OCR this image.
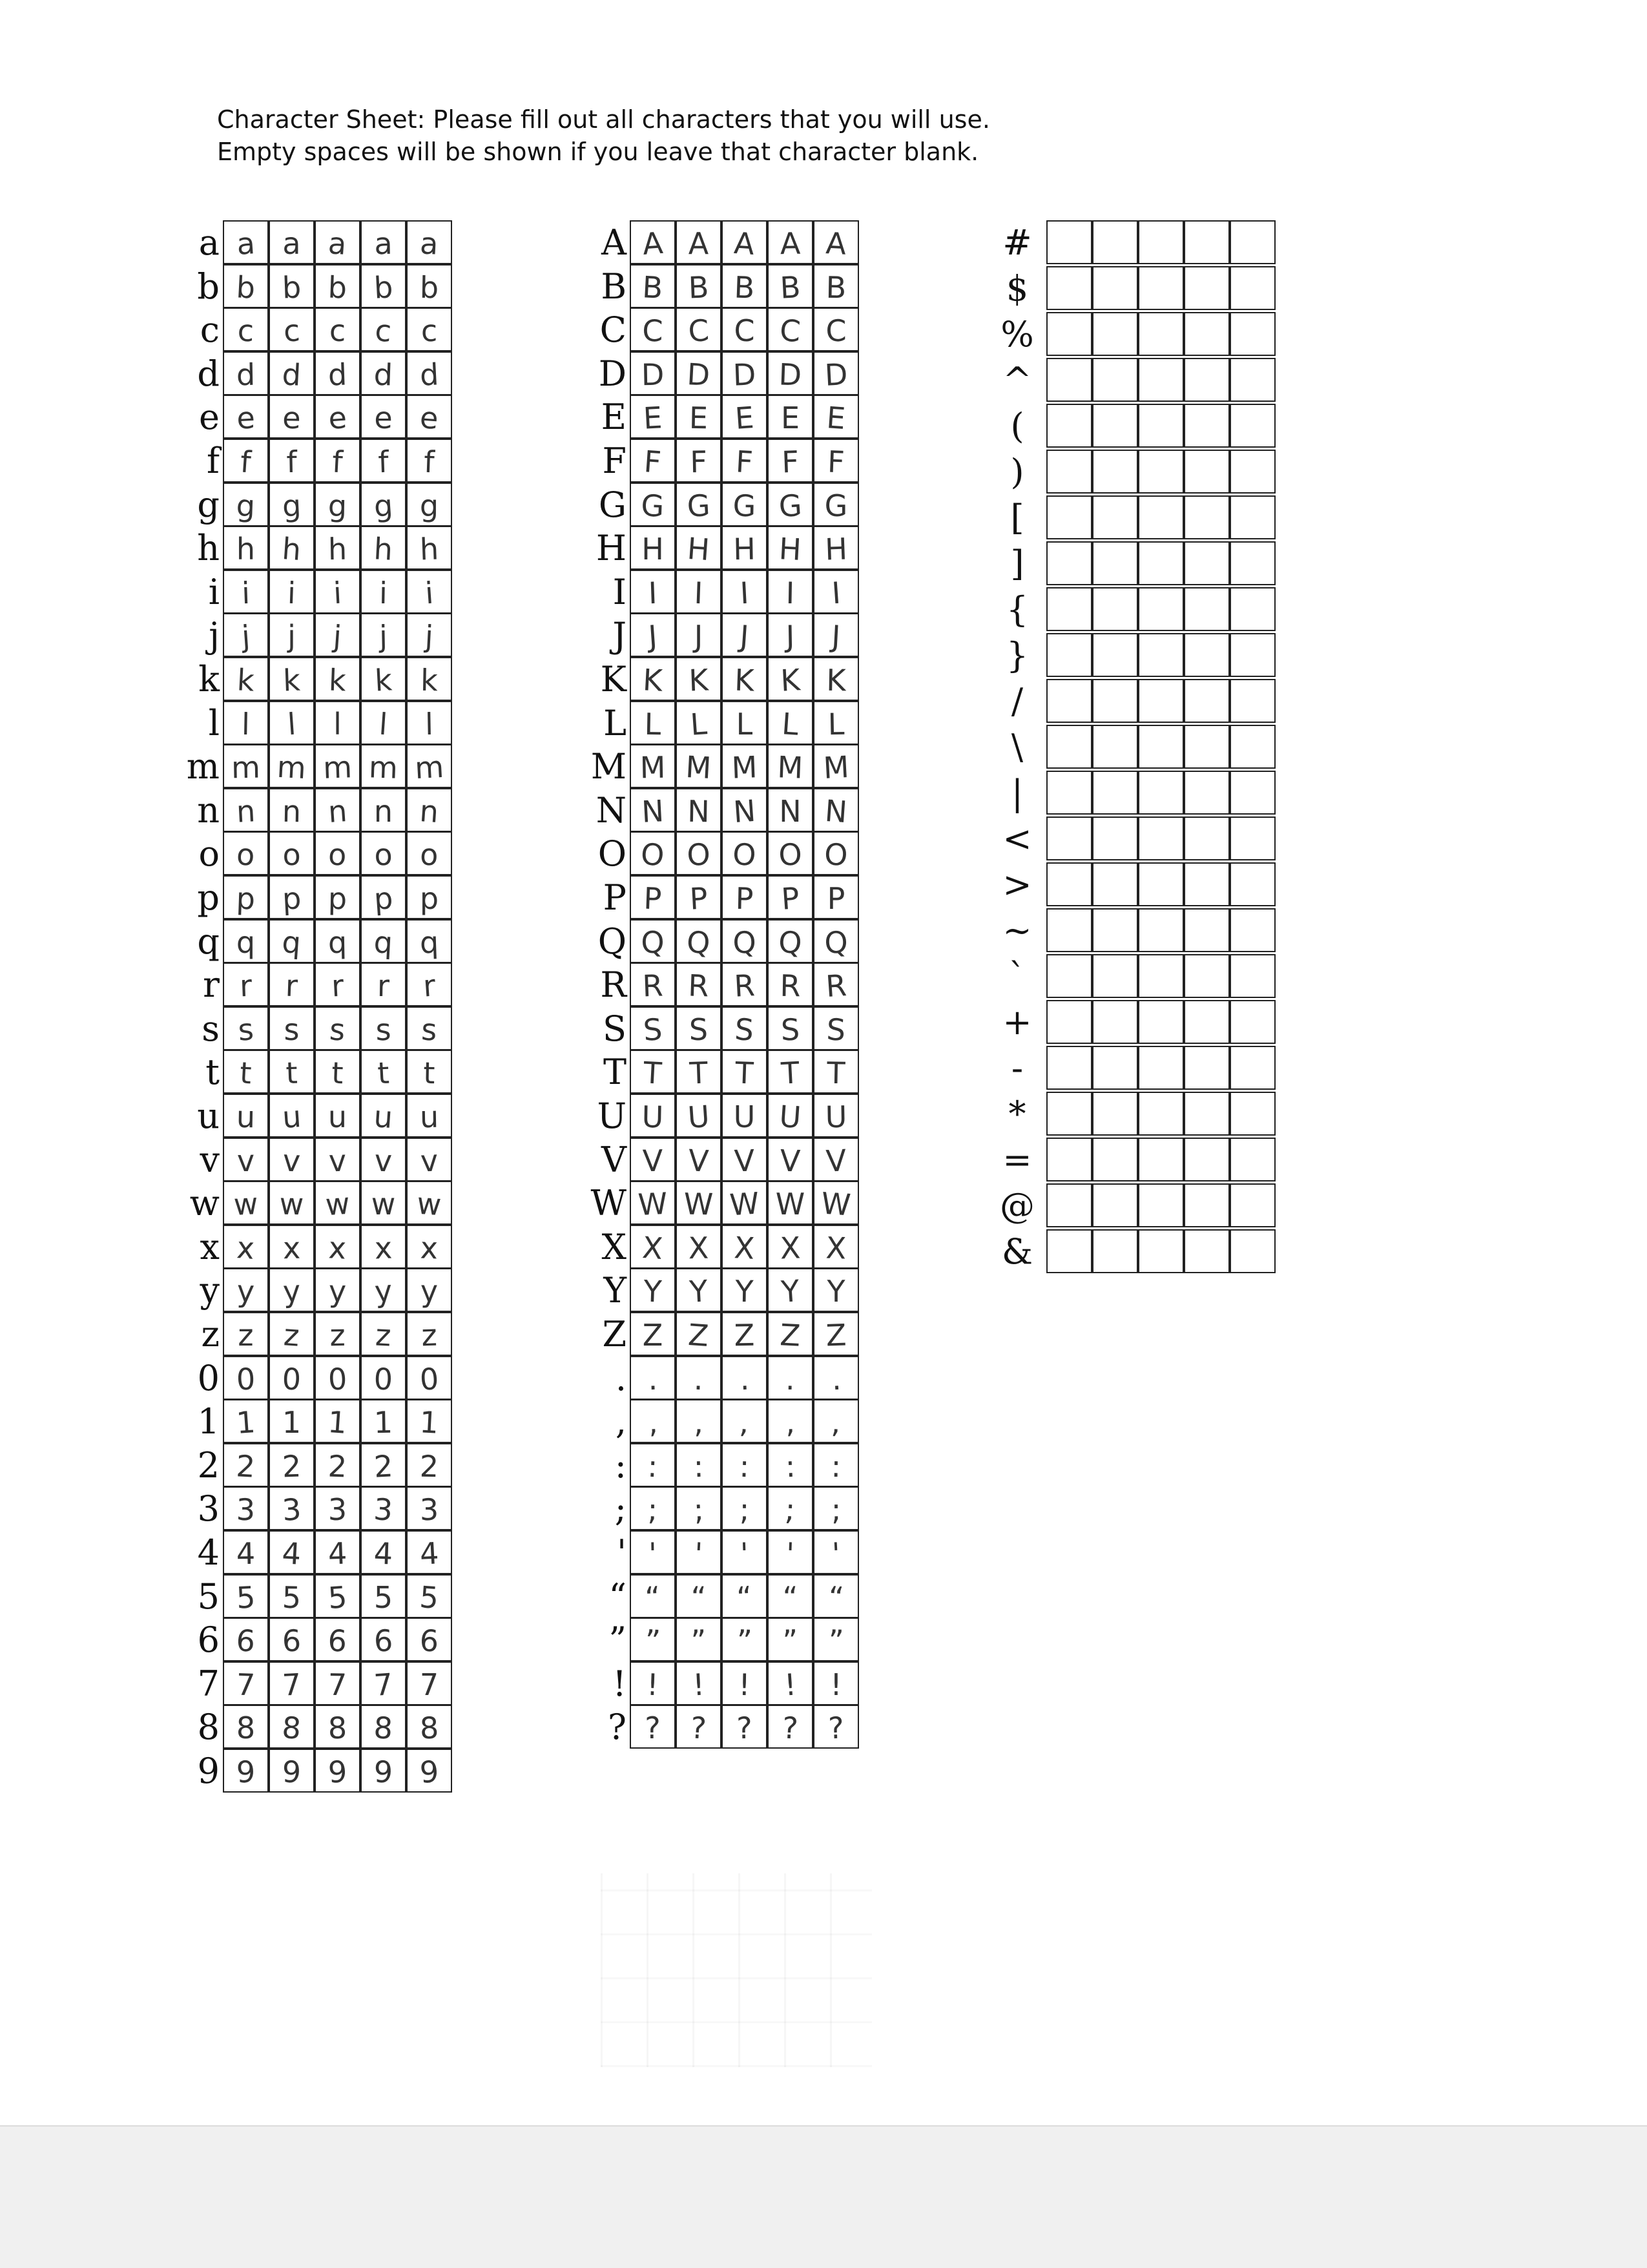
Character Sheet: Please fill out all characters that you will use.
Empty spaces will be shown if you leave that character blank.
a a a a a a
b b b b b b
c c c c c c
d d d d d d
e e e e e e
f f	f	f	f	f
g g g g g g
h h h h h h
i i	i	i	i	i
j j	j	j	j	j
k k k k k k
l l	l	l	l	l
m m m m m m
n n n n n n
o o o o o o
p p p p p p
q q q q q q
r r	r	r	r	r
s s s s s s
t t	t	t	t	t
u u u u u u
v v v v v v
w w w w w w
x x x x x x
y y y y y y
z z z z z z
0 0 0 0 0 0
1 1 1 1 1 1
2 2 2 2 2 2
3 3 3 3 3 3
4 4 4 4 4 4
5 5 5 5 5 5
6 6 6 6 6 6
7 7 7 7 7 7
8 8 8 8 8 8
9 9 9 9 9 9
A A A A A A
B B B B B B
C C C C C C
D D D D D D
E E E E E E
F F F F F F
G G G G G G
H H H H H H
I I	I	I	I	I
J J	J	J	J	J
K K K K K K
L L L L L L
M M M M M M
N N N N N N
O O O O O O
P P P P P P
Q Q Q Q Q Q
R R R R R R
S S S S S S
T T T T T T
U U U U U U
V V V V V V
W W W W W W
X X X X X X
Y Y Y Y Y Y
Z Z Z Z Z Z
. .	.	.	.	.
, ,	,	,	,	,
: :	:	:	:	:
; ;	;	;	;	;
' '	'	'	'	'
“ “ “ “ “ “
” ” ” ” ” ”
! !	!	!	!	!
? ? ? ? ? ?
#
$
%
^
(
)
[
]
{
}
/
\
|
<
>
~
`
+
-
*
=
@
&
